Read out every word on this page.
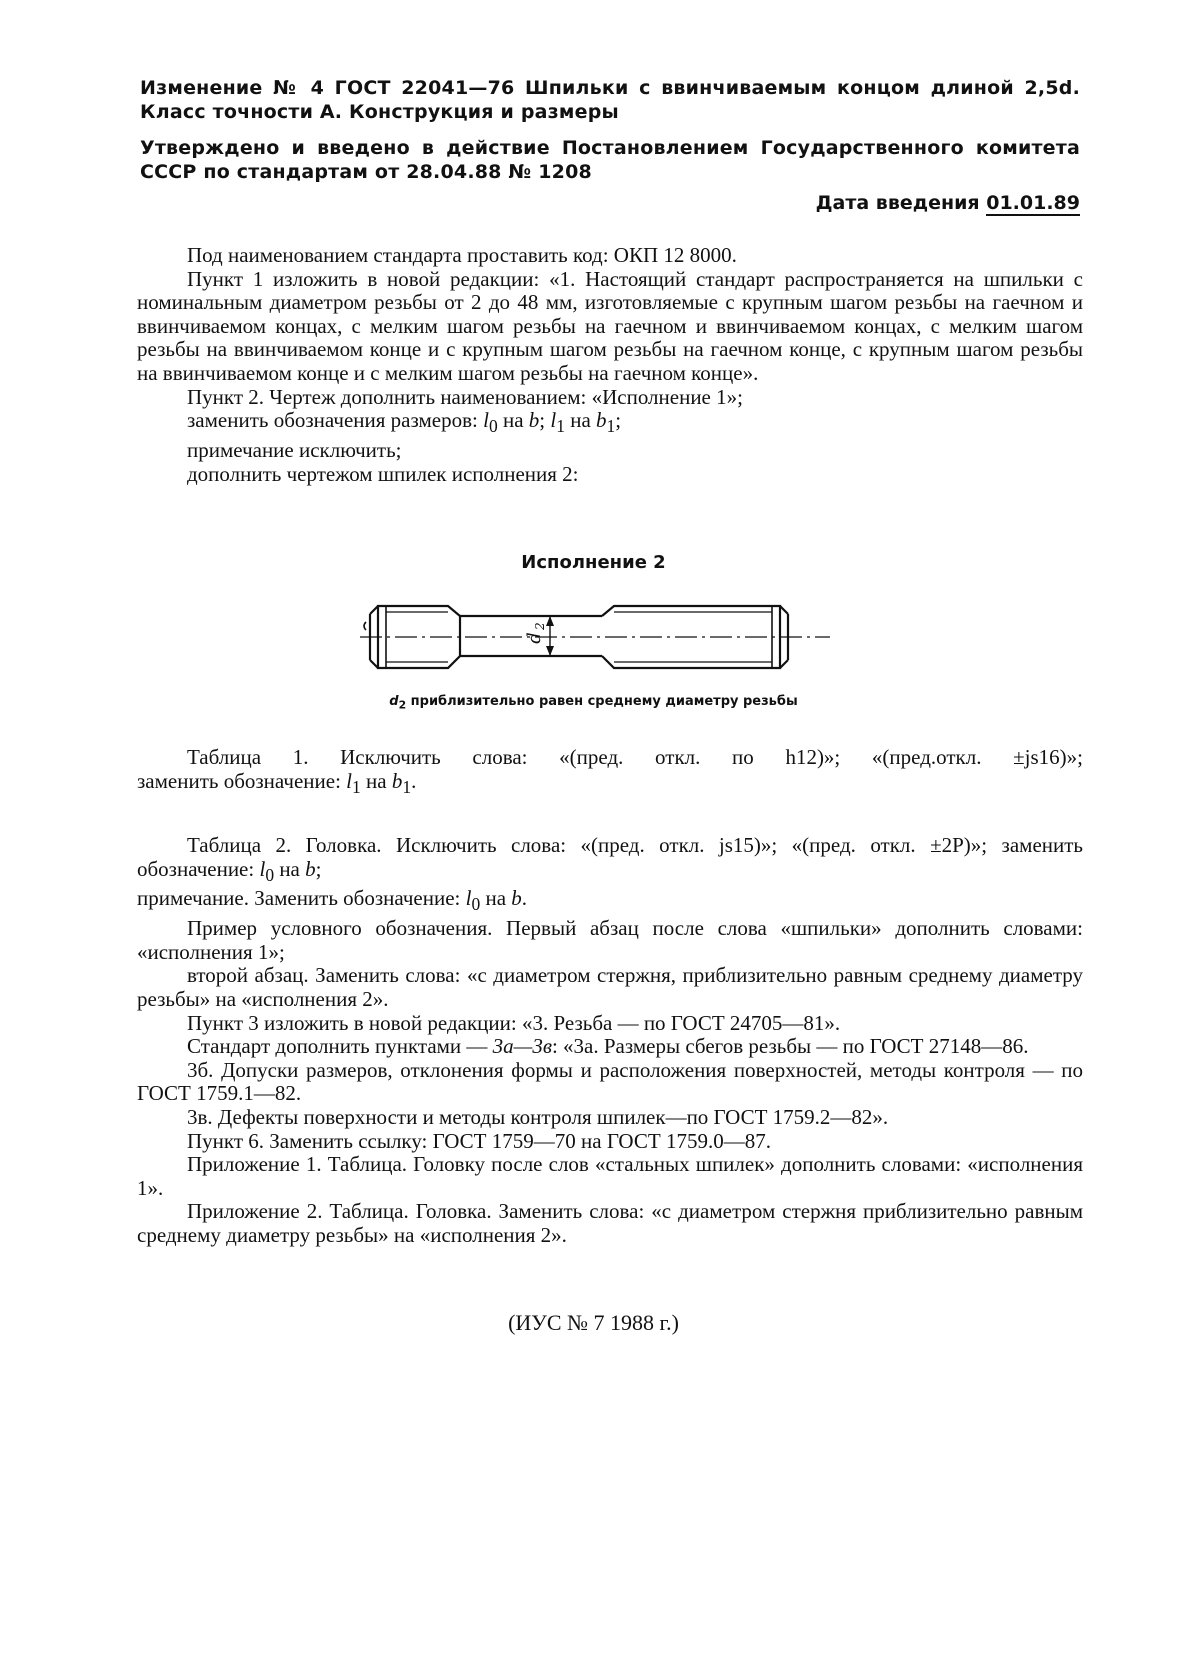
Изменение № 4 ГОСТ 22041—76 Шпильки с ввинчиваемым концом длиной 2,5d.
Класс точности А. Конструкция и размеры
Утверждено и введено в действие Постановлением Государственного комитета
СССР по стандартам от 28.04.88 № 1208
Дата введения 01.01.89

Под наименованием стандарта проставить код: ОКП 12 8000.

Пункт 1 изложить в новой редакции: «1. Настоящий стандарт распространяется на шпильки с номинальным диаметром резьбы от 2 до 48 мм, изготовляемые с крупным шагом резьбы на гаечном и ввинчиваемом концах, с мелким шагом резьбы на гаечном и ввинчиваемом концах, с мелким шагом резьбы на ввинчиваемом конце и с крупным шагом резьбы на гаечном конце, с крупным шагом резьбы на ввинчиваемом конце и с мелким шагом резьбы на гаечном конце».

Пункт 2. Чертеж дополнить наименованием: «Исполнение 1»;

заменить обозначения размеров: $l_0$ на b; $l_1$ на $b_1$;

примечание исключить;

дополнить чертежом шпилек исполнения 2:

Исполнение 2
d
2
$d_2$ приблизительно равен среднему диаметру резьбы

Таблица 1. Исключить слова: «(пред. откл. по h12)»; «(пред.откл. ±js16)»;

заменить обозначение: $l_1$ на $b_1$.

Таблица 2. Головка. Исключить слова: «(пред. откл. js15)»; «(пред. откл. ±2P)»; заменить обозначение: $l_0$ на b;

примечание. Заменить обозначение: $l_0$ на b.

Пример условного обозначения. Первый абзац после слова «шпильки» дополнить словами: «исполнения 1»;

второй абзац. Заменить слова: «с диаметром стержня, приблизительно равным среднему диаметру резьбы» на «исполнения 2».

Пункт 3 изложить в новой редакции: «3. Резьба — по ГОСТ 24705—81».

Стандарт дополнить пунктами — 3а—3в: «3а. Размеры сбегов резьбы — по ГОСТ 27148—86.

3б. Допуски размеров, отклонения формы и расположения поверхностей, методы контроля — по ГОСТ 1759.1—82.

3в. Дефекты поверхности и методы контроля шпилек—по ГОСТ 1759.2—82».

Пункт 6. Заменить ссылку: ГОСТ 1759—70 на ГОСТ 1759.0—87.

Приложение 1. Таблица. Головку после слов «стальных шпилек» дополнить словами: «исполнения 1».

Приложение 2. Таблица. Головка. Заменить слова: «с диаметром стержня приблизительно равным среднему диаметру резьбы» на «исполнения 2».

(ИУС № 7 1988 г.)
